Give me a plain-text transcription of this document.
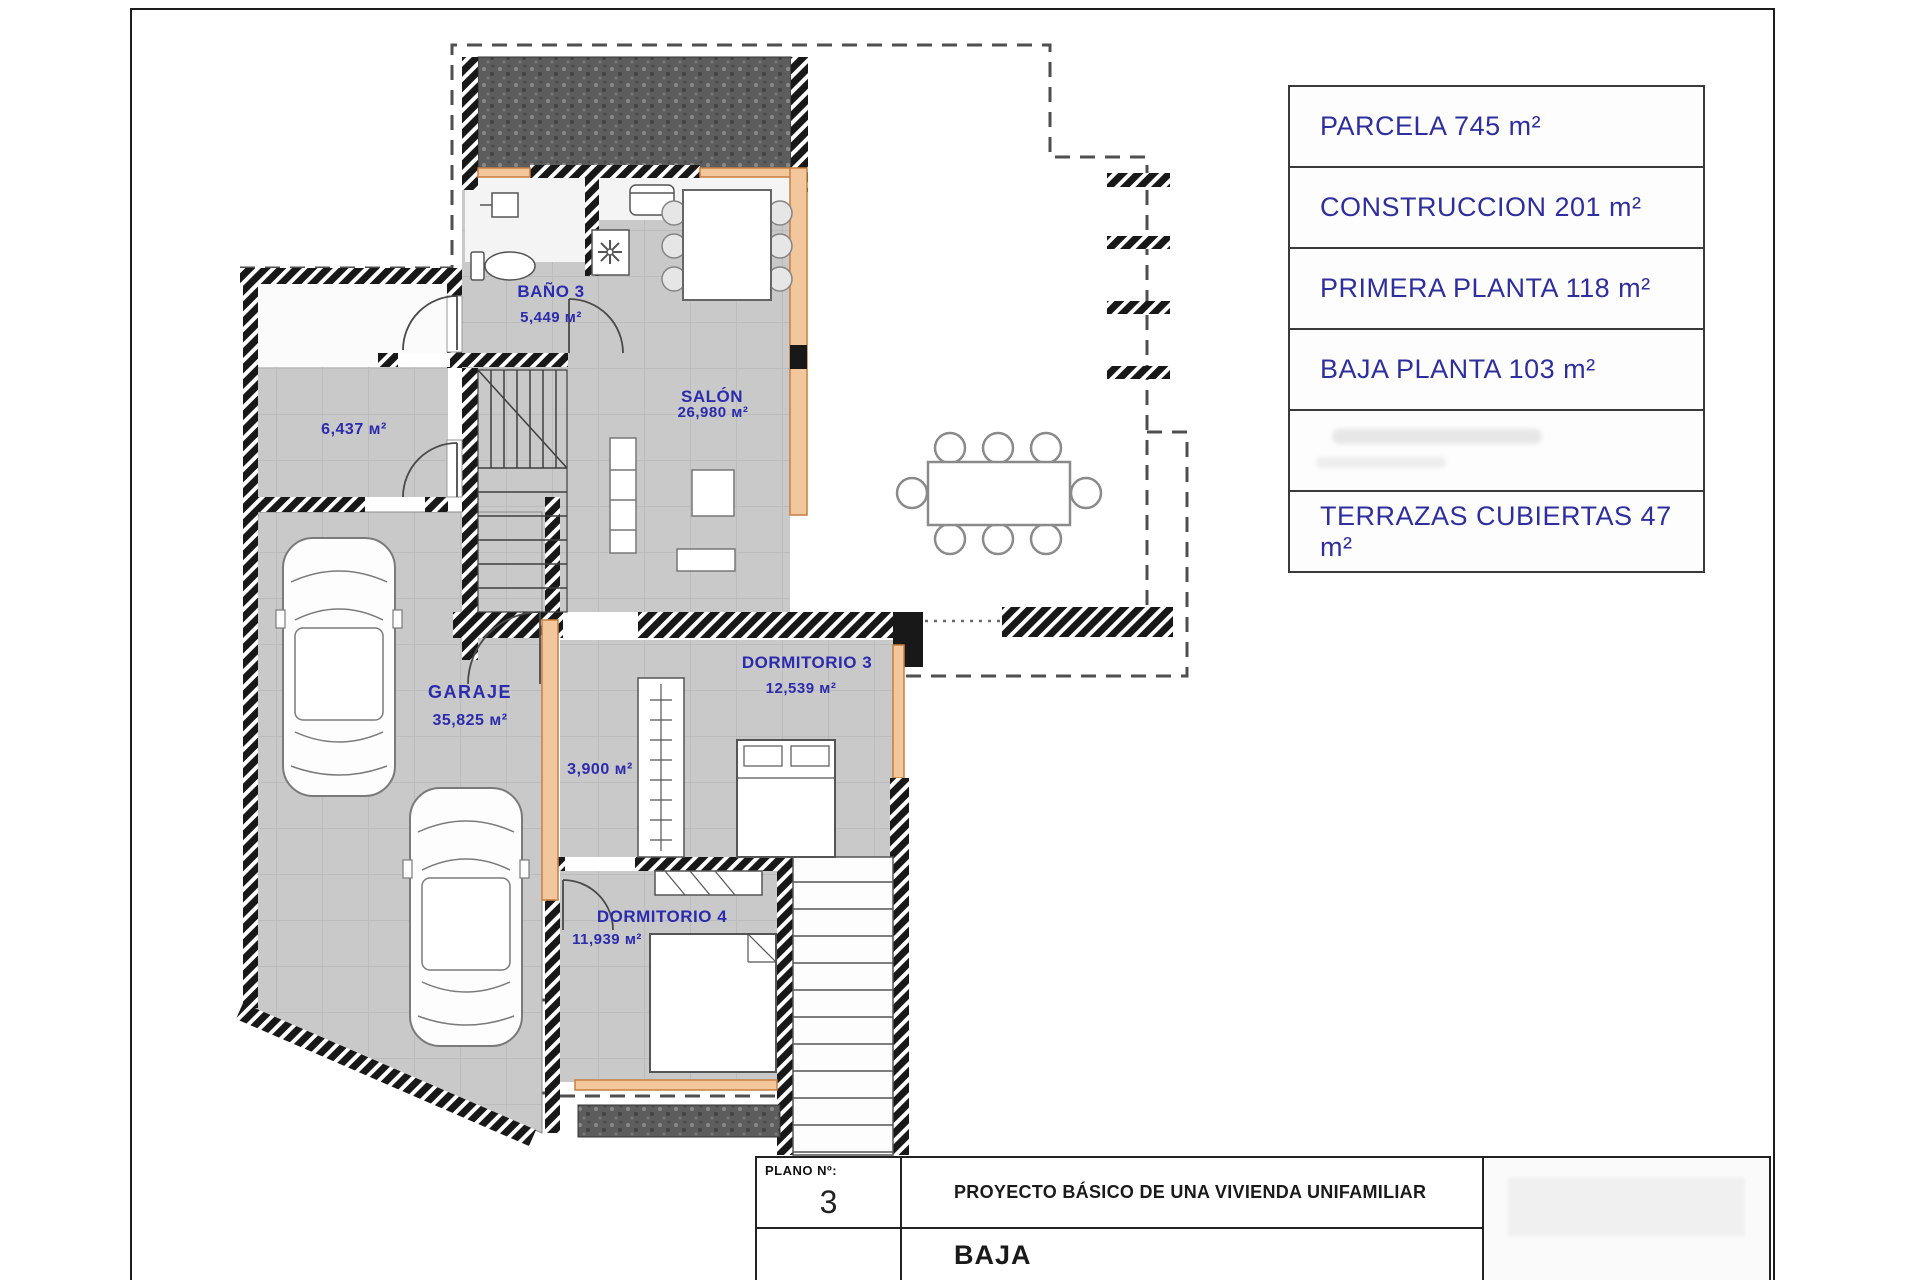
BAÑO 3
5,449 м²
SALÓN
26,980 м²
6,437 м²
GARAJE
35,825 м²
3,900 м²
DORMITORIO 3
12,539 м²
DORMITORIO 4
11,939 м²
PARCELA 745 m²
CONSTRUCCION 201 m²
PRIMERA PLANTA 118 m²
BAJA PLANTA 103 m²
TERRAZAS CUBIERTAS 47 m²
PLANO Nº:
3	PROYECTO BÁSICO DE UNA VIVIENDA UNIFAMILIAR
BAJA
